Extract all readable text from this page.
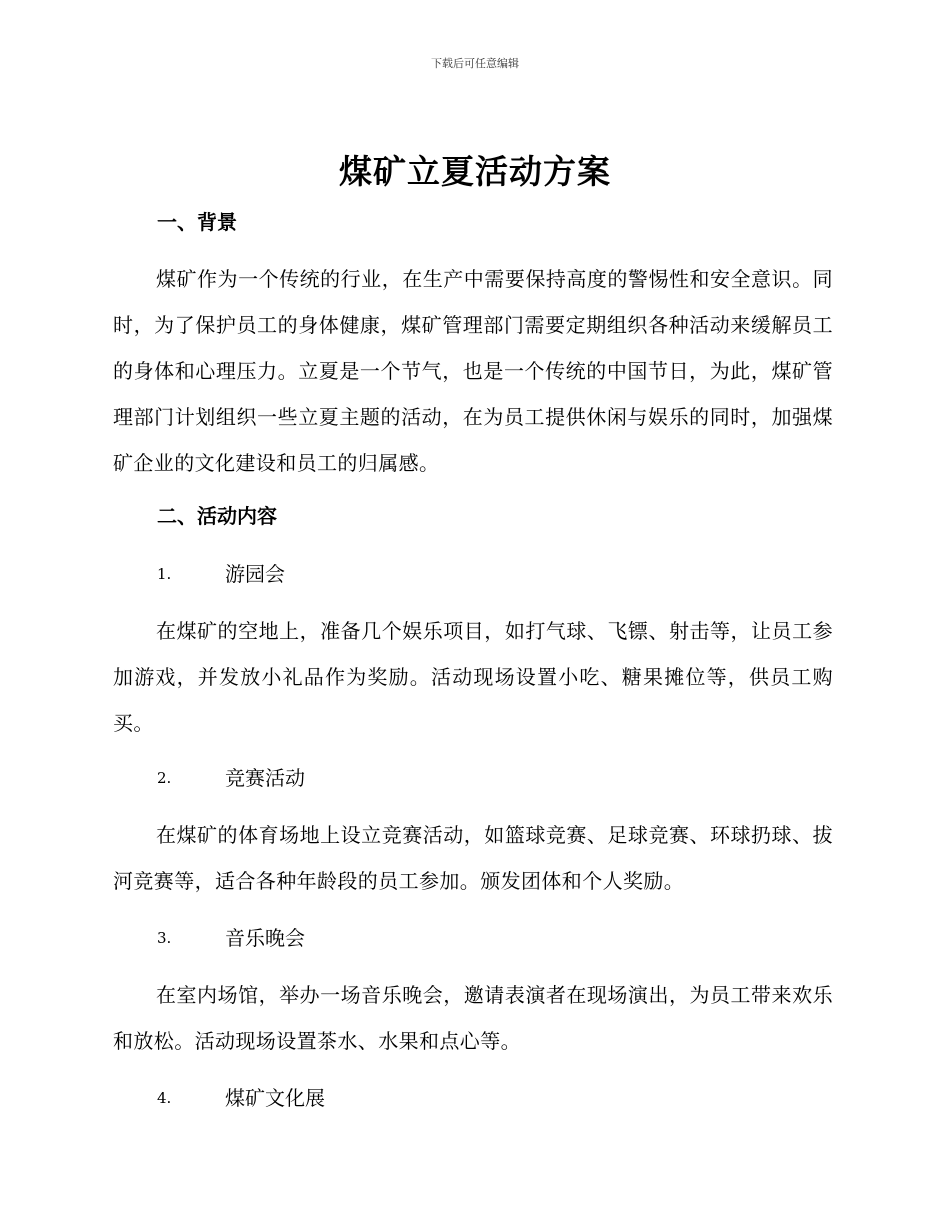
下载后可任意编辑
煤矿立夏活动方案
一、背景
煤矿作为一个传统的行业，在生产中需要保持高度的警惕性和安全意识。同时，为了保护员工的身体健康，煤矿管理部门需要定期组织各种活动来缓解员工的身体和心理压力。立夏是一个节气，也是一个传统的中国节日，为此，煤矿管理部门计划组织一些立夏主题的活动，在为员工提供休闲与娱乐的同时，加强煤矿企业的文化建设和员工的归属感。
二、活动内容
1.	游园会
在煤矿的空地上，准备几个娱乐项目，如打气球、飞镖、射击等，让员工参加游戏，并发放小礼品作为奖励。活动现场设置小吃、糖果摊位等，供员工购买。
2.	竞赛活动
在煤矿的体育场地上设立竞赛活动，如篮球竞赛、足球竞赛、环球扔球、拔河竞赛等，适合各种年龄段的员工参加。颁发团体和个人奖励。
3.	音乐晚会
在室内场馆，举办一场音乐晚会，邀请表演者在现场演出，为员工带来欢乐和放松。活动现场设置茶水、水果和点心等。
4.	煤矿文化展
